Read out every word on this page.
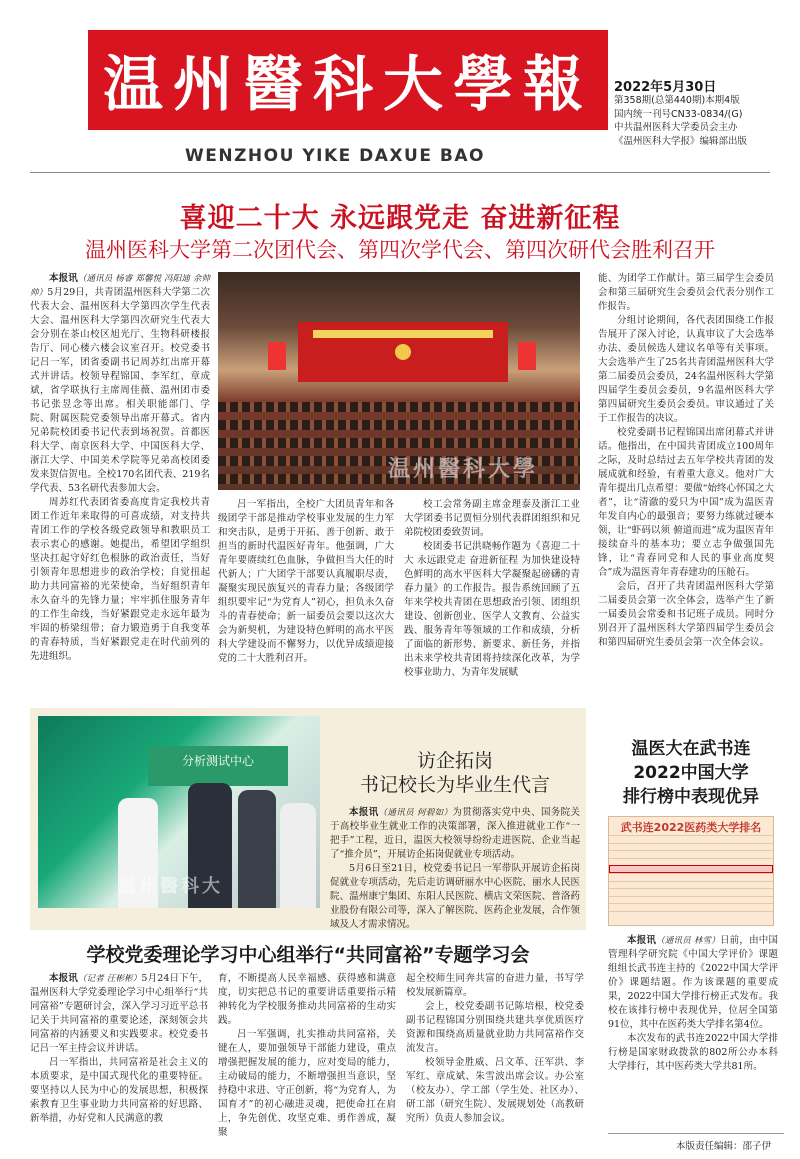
温州醫科大學報
WENZHOU YIKE DAXUE BAO
2022年5月30日
第358期(总第440期)本期4版
国内统一刊号CN33-0834/(G)
中共温州医科大学委员会主办
《温州医科大学报》编辑部出版
喜迎二十大 永远跟党走 奋进新征程
温州医科大学第二次团代会、第四次学代会、第四次研代会胜利召开

本报讯（通讯员 杨睿 郑馨悦 冯阳迪 余帅帅）5月29日，共青团温州医科大学第二次代表大会、温州医科大学第四次学生代表大会、温州医科大学第四次研究生代表大会分别在茶山校区旭光厅、生物科研楼报告厅、同心楼六楼会议室召开。校党委书记吕一军，团省委副书记周苏红出席开幕式并讲话。校领导程锦国、李军红、章成斌，省学联执行主席周佳薇、温州团市委书记张昱念等出席。相关职能部门、学院、附属医院党委领导出席开幕式。省内兄弟院校团委书记代表到场祝贺。首都医科大学、南京医科大学、中国医科大学、浙江大学、中国美术学院等兄弟高校团委发来贺信贺电。全校170名团代表、219名学代表、53名研代表参加大会。

周苏红代表团省委高度肯定我校共青团工作近年来取得的可喜成绩，对支持共青团工作的学校各级党政领导和教职员工表示衷心的感谢。她提出，希望团学组织坚决扛起守好红色根脉的政治责任，当好引领青年思想进步的政治学校；自觉扭起助力共同富裕的光荣使命，当好组织青年永久奋斗的先锋力量；牢牢抓住服务青年的工作生命线，当好紧跟党走永远年最为牢固的桥梁纽带；奋力锻造勇于自我变革的青春特质，当好紧跟党走在时代前列的先进组织。

温州醫科大學

吕一军指出，全校广大团员青年和各级团学干部是推动学校事业发展的生力军和突击队，是勇于开拓、善于创新、敢于担当的新时代温医好青年。他强调，广大青年要赓续红色血脉，争做担当大任的时代新人；广大团学干部要认真履职尽责，凝聚实现民族复兴的青春力量；各级团学组织要牢记“为党育人”初心，担负永久奋斗的青春使命；新一届委员会要以这次大会为新契机，为建设特色鲜明的高水平医科大学建设而不懈努力，以优异成绩迎接党的二十大胜利召开。

校工会常务副主席金理泰及浙江工业大学团委书记贾恒分别代表群团组织和兄弟院校团委致贺词。

校团委书记洪晓畅作题为《喜迎二十大 永远跟党走 奋进新征程 为加快建设特色鲜明的高水平医科大学凝聚起磅礴的青春力量》的工作报告。报告系统回顾了五年来学校共青团在思想政治引领、团组织建设、创新创业、医学人文教育、公益实践、服务青年等领域的工作和成绩，分析了面临的新形势、新要求、新任务，并指出未来学校共青团将持续深化改革，为学校事业助力、为青年发展赋

能、为团学工作献计。第三届学生会委员会和第三届研究生会委员会代表分别作工作报告。

分组讨论期间，各代表团围绕工作报告展开了深入讨论，认真审议了大会选举办法、委员候选人建议名单等有关事项。大会选举产生了25名共青团温州医科大学第二届委员会委员，24名温州医科大学第四届学生委员会委员，9名温州医科大学第四届研究生委员会委员。审议通过了关于工作报告的决议。

校党委副书记程锦国出席闭幕式并讲话。他指出，在中国共青团成立100周年之际，及时总结过去五年学校共青团的发展成就和经验，有着重大意义。他对广大青年提出几点希望：要做“始终心怀国之大者”，让“清澈的爱只为中国”成为温医青年发自内心的最强音；要努力练就过硬本领，让“虾码以须 俯道而进”成为温医青年接续奋斗的基本功；要立志争做强国先锋，让“青春同党和人民的事业高度契合”成为温医青年青春建功的压舱石。

会后，召开了共青团温州医科大学第二届委员会第一次全体会，选举产生了新一届委员会常委和书记班子成员。同时分别召开了温州医科大学第四届学生委员会和第四届研究生委员会第一次全体会议。

分析测试中心
温州醫科大
访企拓岗
书记校长为毕业生代言

本报讯（通讯员 何碧如）为贯彻落实党中央、国务院关于高校毕业生就业工作的决策部署，深入推进就业工作“一把手”工程，近日，温医大校领导纷纷走进医院、企业当起了“推介员”，开展访企拓岗促就业专项活动。

5月6日至21日，校党委书记吕一军带队开展访企拓岗促就业专项活动，先后走访调研丽水中心医院、丽水人民医院、温州康宁集团、东阳人民医院、横店文荣医院、普洛药业股份有限公司等，深入了解医院、医药企业发展，合作领域及人才需求情况。

温医大在武书连
2022中国大学
排行榜中表现优异
武书连2022医药类大学排名

本报讯（通讯员 林雪）日前，由中国管理科学研究院《中国大学评价》课题组组长武书连主持的《2022中国大学评价》课题结题。作为该课题的重要成果，2022中国大学排行榜正式发布。我校在该排行榜中表现优异，位居全国第91位，其中在医药类大学排名第4位。

本次发布的武书连2022中国大学排行榜是国家财政拨款的802所公办本科大学排行，其中医药类大学共81所。

学校党委理论学习中心组举行“共同富裕”专题学习会

本报讯（记者 汪彬彬）5月24日下午，温州医科大学党委理论学习中心组举行“共同富裕”专题研讨会，深入学习习近平总书记关于共同富裕的重要论述，深刻领会共同富裕的内涵要义和实践要求。校党委书记吕一军主持会议并讲话。

吕一军指出，共同富裕是社会主义的本质要求，是中国式现代化的重要特征。要坚持以人民为中心的发展思想，积极探索教育卫生事业助力共同富裕的好思路、新举措，办好党和人民满意的教

育，不断提高人民幸福感、获得感和满意度，切实把总书记的重要讲话重要指示精神转化为学校服务推动共同富裕的生动实践。

吕一军强调，扎实推动共同富裕，关键在人，要加强领导干部能力建设，重点增强把握发展的能力，应对变局的能力，主动破局的能力，不断增强担当意识，坚持稳中求进、守正创新，将“为党育人，为国育才”的初心融进灵魂，把使命扛在肩上，争先创优、攻坚克难、勇作善成，凝聚

起全校师生同奔共富的奋进力量，书写学校发展新篇章。

会上，校党委副书记陈培根，校党委副书记程锦国分别围绕共建共享优质医疗资源和围绕高质量就业助力共同富裕作交流发言。

校领导金胜威、吕文革、汪军洪、李军红、章成斌、朱雪波出席会议。办公室（校友办）、学工部（学生处、社区办）、研工部（研究生院）、发展规划处（高教研究所）负责人参加会议。

本版责任编辑：邵子伊
